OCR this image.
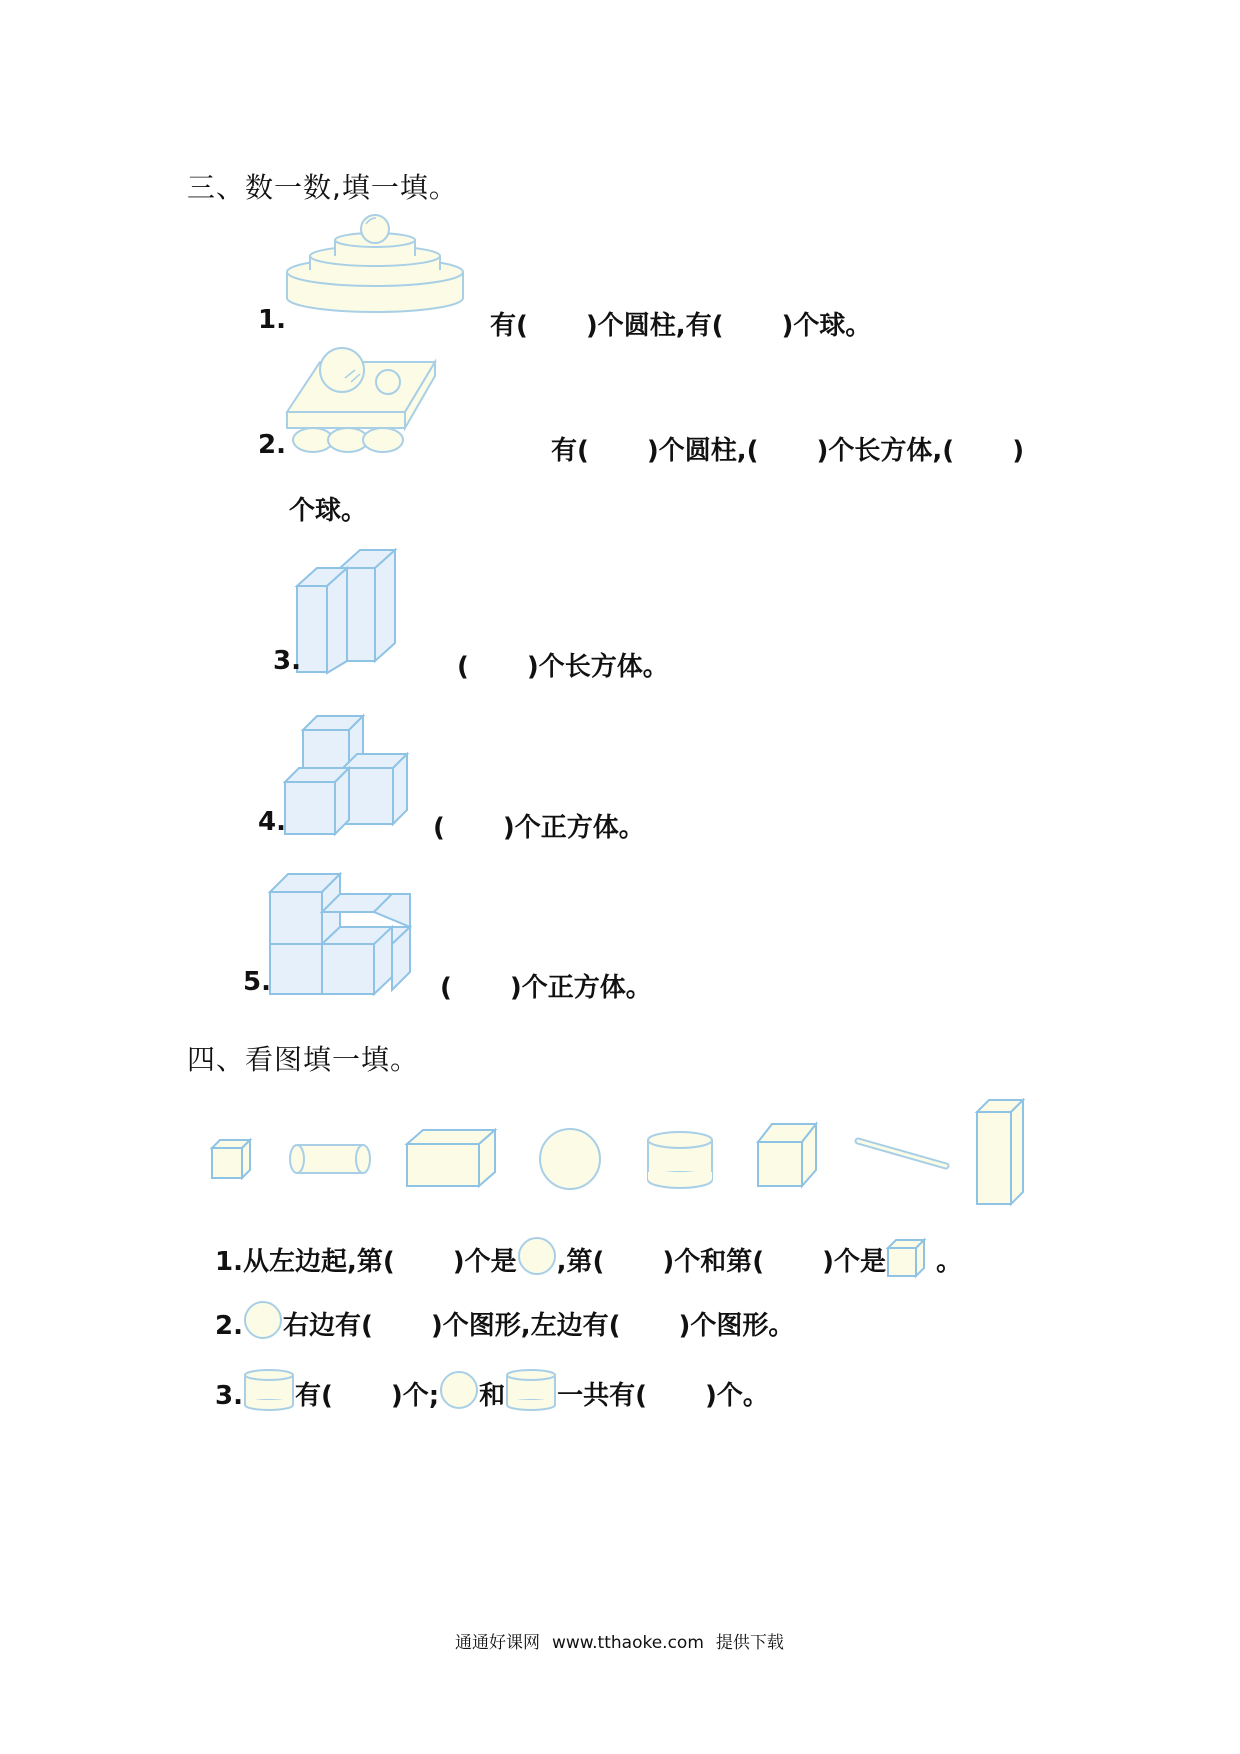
三、数一数,填一填。
1.	有( )个圆柱,有( )个球。
2.	有( )个圆柱,( )个长方体,( )
个球。
3.	( )个长方体。
4.	( )个正方体。
5.	( )个正方体。
四、看图填一填。
1.从左边起,第( )个是 ,第( )个和第( )个是 。
2. 右边有( )个图形,左边有( )个图形。
3. 有( )个; 和 一共有( )个。
通通好课网 www.tthaoke.com 提供下载
